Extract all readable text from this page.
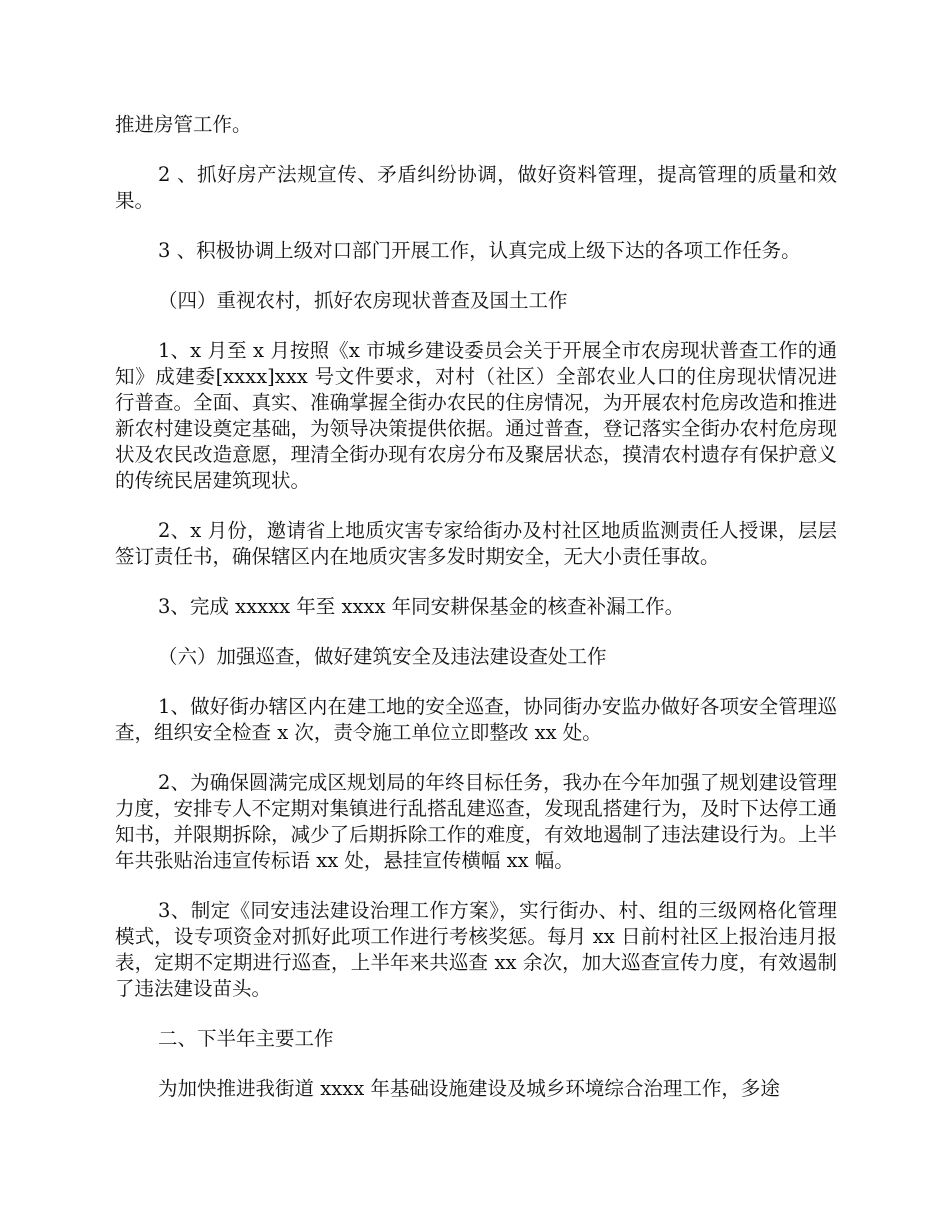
推进房管工作。

2 、抓好房产法规宣传、矛盾纠纷协调，做好资料管理，提高管理的质量和效果。

3 、积极协调上级对口部门开展工作，认真完成上级下达的各项工作任务。

（四）重视农村，抓好农房现状普查及国土工作

1、x 月至 x 月按照《x 市城乡建设委员会关于开展全市农房现状普查工作的通知》成建委[xxxx]xxx 号文件要求，对村（社区）全部农业人口的住房现状情况进行普查。全面、真实、准确掌握全街办农民的住房情况，为开展农村危房改造和推进新农村建设奠定基础，为领导决策提供依据。通过普查，登记落实全街办农村危房现状及农民改造意愿，理清全街办现有农房分布及聚居状态，摸清农村遗存有保护意义的传统民居建筑现状。

2、x 月份，邀请省上地质灾害专家给街办及村社区地质监测责任人授课，层层签订责任书，确保辖区内在地质灾害多发时期安全，无大小责任事故。

3、完成 xxxxx 年至 xxxx 年同安耕保基金的核查补漏工作。

（六）加强巡查，做好建筑安全及违法建设查处工作

1、做好街办辖区内在建工地的安全巡查，协同街办安监办做好各项安全管理巡查，组织安全检查 x 次，责令施工单位立即整改 xx 处。

2、为确保圆满完成区规划局的年终目标任务，我办在今年加强了规划建设管理力度，安排专人不定期对集镇进行乱搭乱建巡查，发现乱搭建行为，及时下达停工通知书，并限期拆除，减少了后期拆除工作的难度，有效地遏制了违法建设行为。上半年共张贴治违宣传标语 xx 处，悬挂宣传横幅 xx 幅。

3、制定《同安违法建设治理工作方案》，实行街办、村、组的三级网格化管理模式，设专项资金对抓好此项工作进行考核奖惩。每月 xx 日前村社区上报治违月报表，定期不定期进行巡查，上半年来共巡查 xx 余次，加大巡查宣传力度，有效遏制了违法建设苗头。

二、下半年主要工作

为加快推进我街道 xxxx 年基础设施建设及城乡环境综合治理工作，多途
